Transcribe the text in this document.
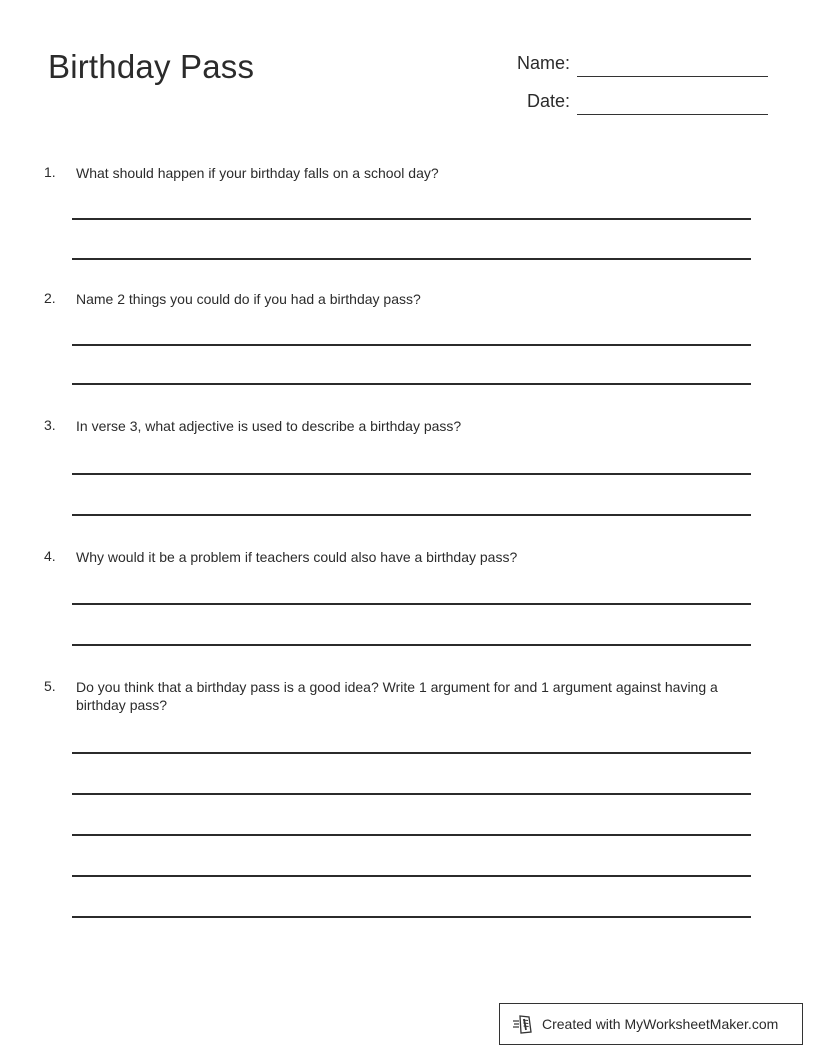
Birthday Pass	Name:
Date:
1.	What should happen if your birthday falls on a school day?
2.	Name 2 things you could do if you had a birthday pass?
3.	In verse 3, what adjective is used to describe a birthday pass?
4.	Why would it be a problem if teachers could also have a birthday pass?
5.	Do you think that a birthday pass is a good idea? Write 1 argument for and 1 argument against having a birthday pass?
Created with MyWorksheetMaker.com
